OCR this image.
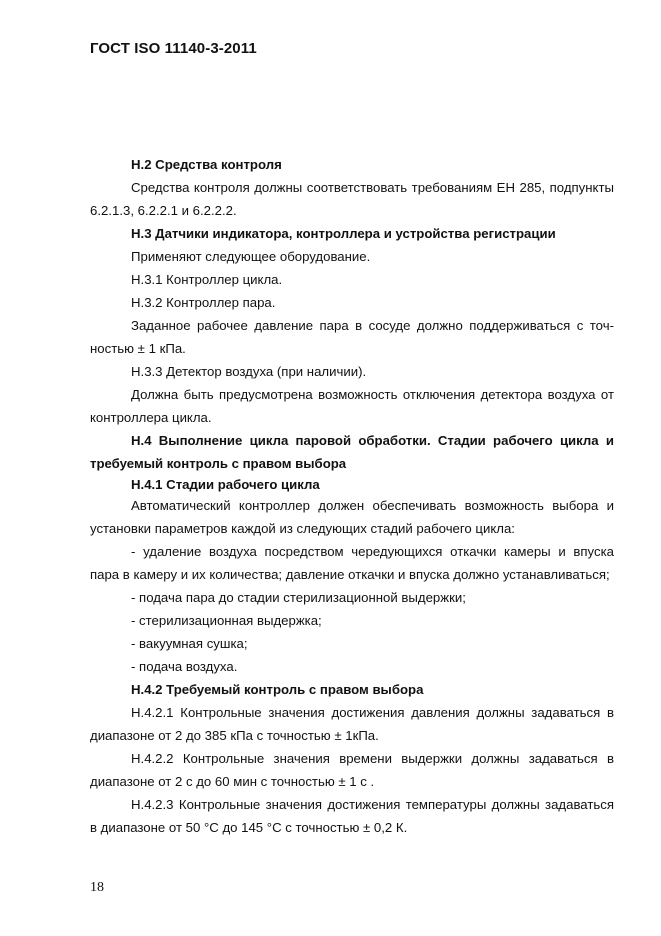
ГОСТ ISO 11140-3-2011

Н.2 Средства контроля

Средства контроля должны соответствовать требованиям ЕН 285, подпункты 6.2.1.3, 6.2.2.1 и 6.2.2.2.

Н.3 Датчики индикатора, контроллера и устройства регистрации

Применяют следующее оборудование.

Н.3.1 Контроллер цикла.

Н.3.2 Контроллер пара.

Заданное рабочее давление пара в сосуде должно поддерживаться с точностью ± 1 кПа.

Н.3.3 Детектор воздуха (при наличии).

Должна быть предусмотрена возможность отключения детектора воздуха от контроллера цикла.

Н.4 Выполнение цикла паровой обработки. Стадии рабочего цикла и требуемый контроль с правом выбора

Н.4.1 Стадии рабочего цикла

Автоматический контроллер должен обеспечивать возможность выбора и установки параметров каждой из следующих стадий рабочего цикла:

- удаление воздуха посредством чередующихся откачки камеры и впуска пара в камеру и их количества; давление откачки и впуска должно устанавливаться;

- подача пара до стадии стерилизационной выдержки;

- стерилизационная выдержка;

- вакуумная сушка;

- подача воздуха.

Н.4.2 Требуемый контроль с правом выбора

Н.4.2.1 Контрольные значения достижения давления должны задаваться в диапазоне от 2 до 385 кПа с точностью ± 1кПа.

Н.4.2.2 Контрольные значения времени выдержки должны задаваться в диапазоне от 2 с до 60 мин с точностью ± 1 с .

Н.4.2.3 Контрольные значения достижения температуры должны задаваться в диапазоне от 50 °С до 145 °С с точностью ± 0,2 К.

18
